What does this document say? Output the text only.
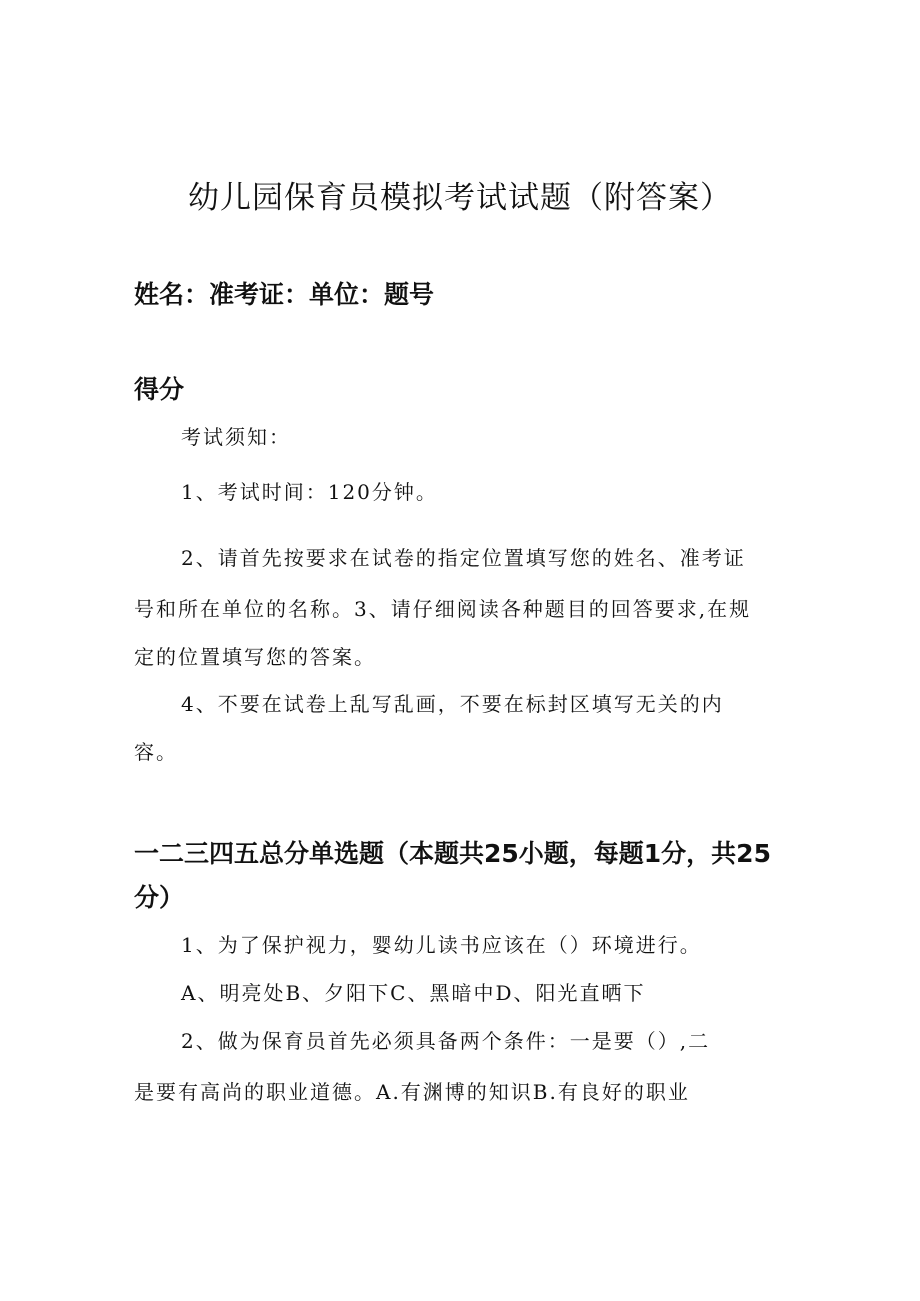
幼儿园保育员模拟考试试题（附答案）
姓名：准考证：单位：题号
得分
考试须知：
1、考试时间：120分钟。
2、请首先按要求在试卷的指定位置填写您的姓名、准考证
号和所在单位的名称。3、请仔细阅读各种题目的回答要求,在规
定的位置填写您的答案。
4、不要在试卷上乱写乱画，不要在标封区填写无关的内
容。
一二三四五总分单选题（本题共25小题，每题1分，共25分）
1、为了保护视力，婴幼儿读书应该在（）环境进行。
A、明亮处B、夕阳下C、黑暗中D、阳光直晒下
2、做为保育员首先必须具备两个条件：一是要（）,二
是要有高尚的职业道德。A.有渊博的知识B.有良好的职业
